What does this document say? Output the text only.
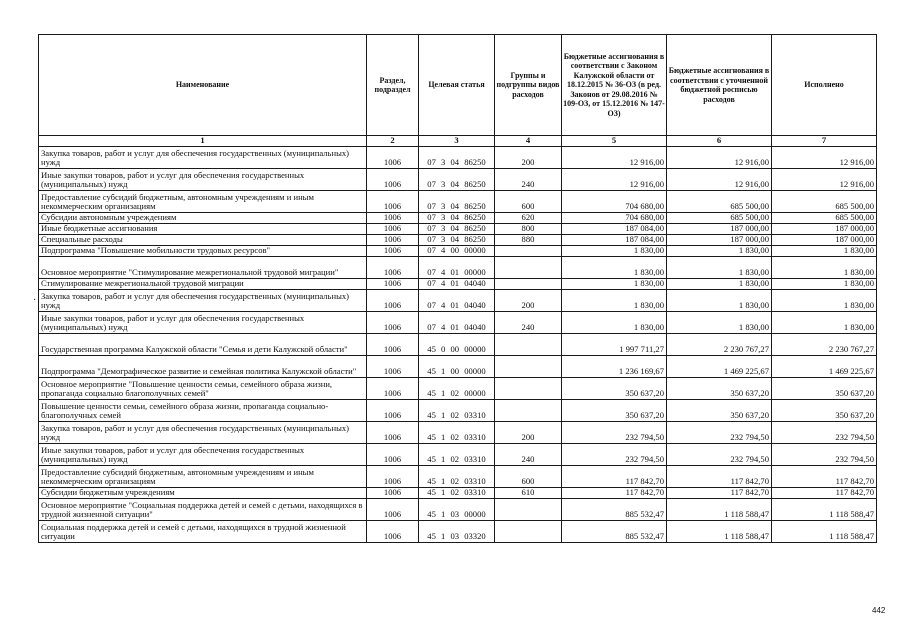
Наименование	Раздел, подраздел	Целевая статья	Группы и подгруппы видов расходов	Бюджетные ассигнования в соответствии с Законом Калужской области от 18.12.2015 № 36-ОЗ (в ред. Законов от 29.08.2016 № 109-ОЗ, от 15.12.2016 № 147-ОЗ)	Бюджетные ассигнования в соответствии с уточненной бюджетной росписью расходов	Исполнено
1	2	3	4	5	6	7
Закупка товаров, работ и услуг для обеспечения государственных (муниципальных) нужд	1006	07 3 04 86250	200	12 916,00	12 916,00	12 916,00
Иные закупки товаров, работ и услуг для обеспечения государственных (муниципальных) нужд	1006	07 3 04 86250	240	12 916,00	12 916,00	12 916,00
Предоставление субсидий бюджетным, автономным учреждениям и иным некоммерческим организациям	1006	07 3 04 86250	600	704 680,00	685 500,00	685 500,00
Субсидии автономным учреждениям	1006	07 3 04 86250	620	704 680,00	685 500,00	685 500,00
Иные бюджетные ассигнования	1006	07 3 04 86250	800	187 084,00	187 000,00	187 000,00
Специальные расходы	1006	07 3 04 86250	880	187 084,00	187 000,00	187 000,00
Подпрограмма "Повышение мобильности трудовых ресурсов"	1006	07 4 00 00000		1 830,00	1 830,00	1 830,00
Основное мероприятие "Стимулирование межрегиональной трудовой миграции"	1006	07 4 01 00000		1 830,00	1 830,00	1 830,00
Стимулирование межрегиональной трудовой миграции	1006	07 4 01 04040		1 830,00	1 830,00	1 830,00
Закупка товаров, работ и услуг для обеспечения государственных (муниципальных) нужд	1006	07 4 01 04040	200	1 830,00	1 830,00	1 830,00
Иные закупки товаров, работ и услуг для обеспечения государственных (муниципальных) нужд	1006	07 4 01 04040	240	1 830,00	1 830,00	1 830,00
Государственная программа Калужской области "Семья и дети Калужской области"	1006	45 0 00 00000		1 997 711,27	2 230 767,27	2 230 767,27
Подпрограмма "Демографическое развитие и семейная политика Калужской области"	1006	45 1 00 00000		1 236 169,67	1 469 225,67	1 469 225,67
Основное мероприятие "Повышение ценности семьи, семейного образа жизни, пропаганда социально благополучных семей"	1006	45 1 02 00000		350 637,20	350 637,20	350 637,20
Повышение ценности семьи, семейного образа жизни, пропаганда социально-благополучных семей	1006	45 1 02 03310		350 637,20	350 637,20	350 637,20
Закупка товаров, работ и услуг для обеспечения государственных (муниципальных) нужд	1006	45 1 02 03310	200	232 794,50	232 794,50	232 794,50
Иные закупки товаров, работ и услуг для обеспечения государственных (муниципальных) нужд	1006	45 1 02 03310	240	232 794,50	232 794,50	232 794,50
Предоставление субсидий бюджетным, автономным учреждениям и иным некоммерческим организациям	1006	45 1 02 03310	600	117 842,70	117 842,70	117 842,70
Субсидии бюджетным учреждениям	1006	45 1 02 03310	610	117 842,70	117 842,70	117 842,70
Основное мероприятие "Социальная поддержка детей и семей с детьми, находящихся в трудной жизненной ситуации"	1006	45 1 03 00000		885 532,47	1 118 588,47	1 118 588,47
Социальная поддержка детей и семей с детьми, находящихся в трудной жизненной ситуации	1006	45 1 03 03320		885 532,47	1 118 588,47	1 118 588,47
·
442
